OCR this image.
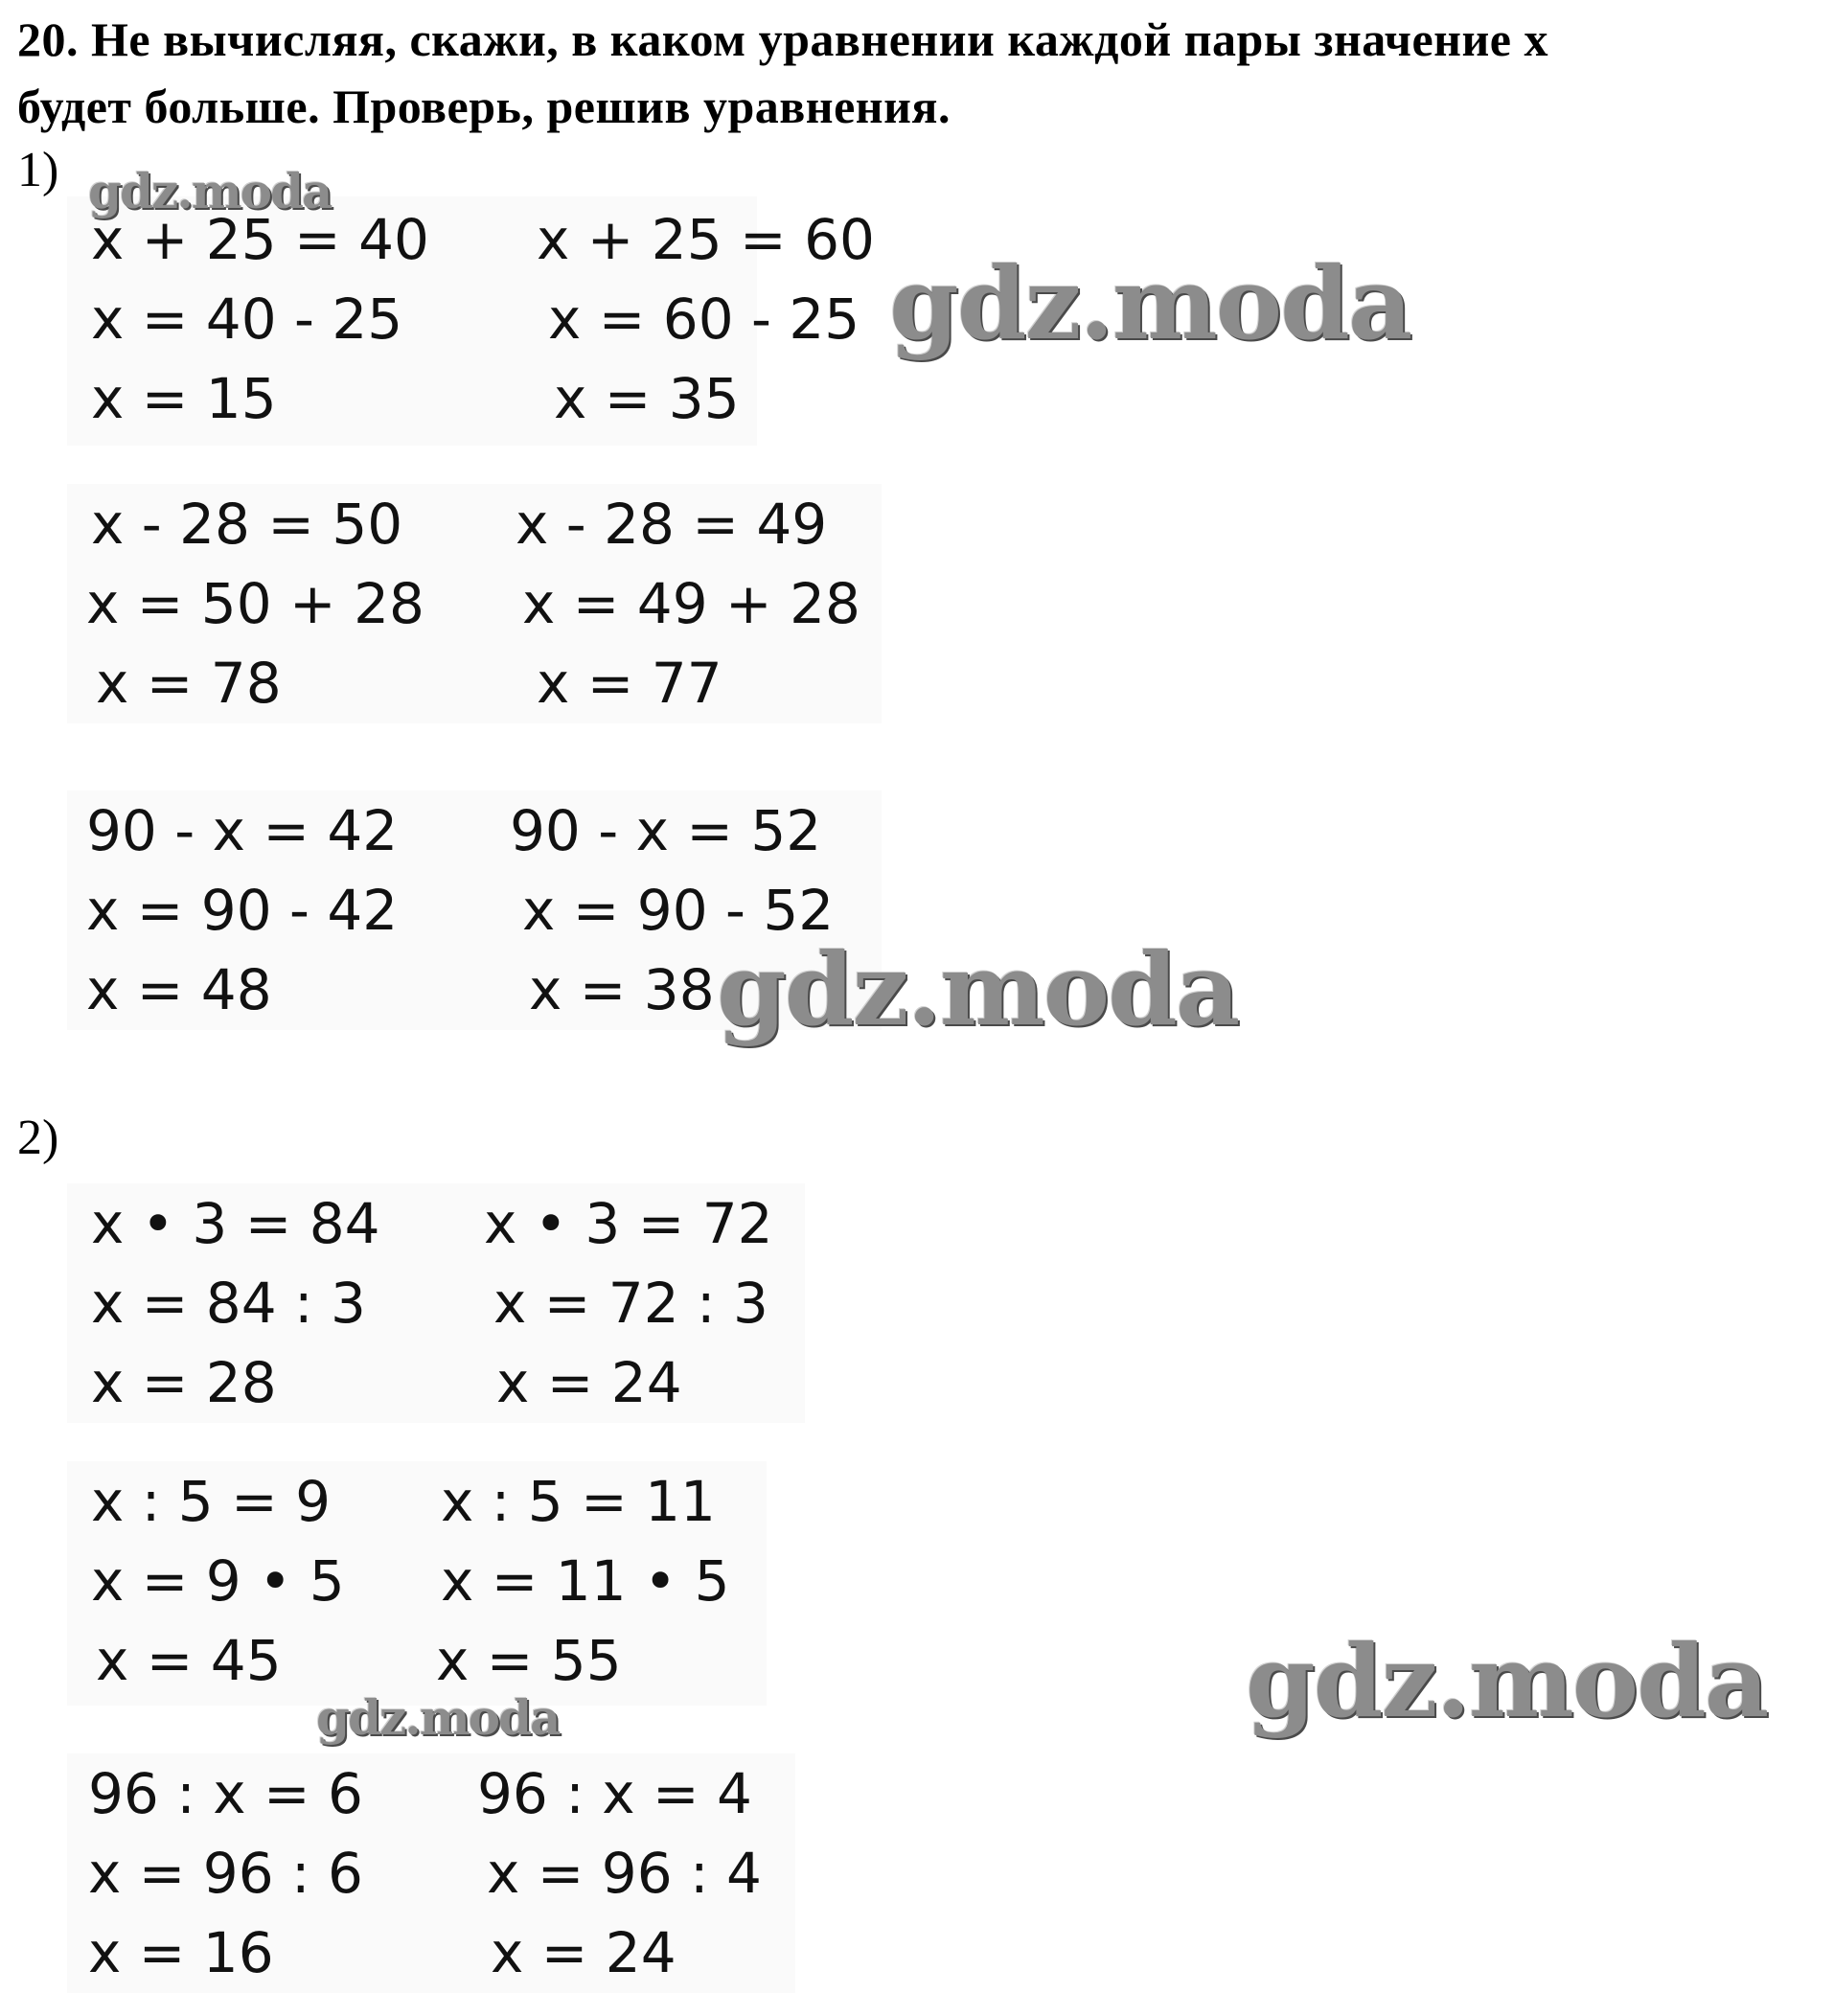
20. Не вычисляя, скажи, в каком уравнении каждой пары значение х
будет больше. Проверь, решив уравнения.
1)
x + 25 = 40
x = 40 - 25
x = 15
x + 25 = 60
x = 60 - 25
x = 35
x - 28 = 50
x = 50 + 28
x = 78
x - 28 = 49
x = 49 + 28
x = 77
90 - x = 42
x = 90 - 42
x = 48
90 - x = 52
x = 90 - 52
x = 38
2)
x • 3 = 84
x = 84 : 3
x = 28
x • 3 = 72
x = 72 : 3
x = 24
x : 5 = 9
x = 9 • 5
x = 45
x : 5 = 11
x = 11 • 5
x = 55
96 : x = 6
x = 96 : 6
x = 16
96 : x = 4
x = 96 : 4
x = 24
gdz.moda
gdz.moda
gdz.moda
gdz.moda	gdz.moda
